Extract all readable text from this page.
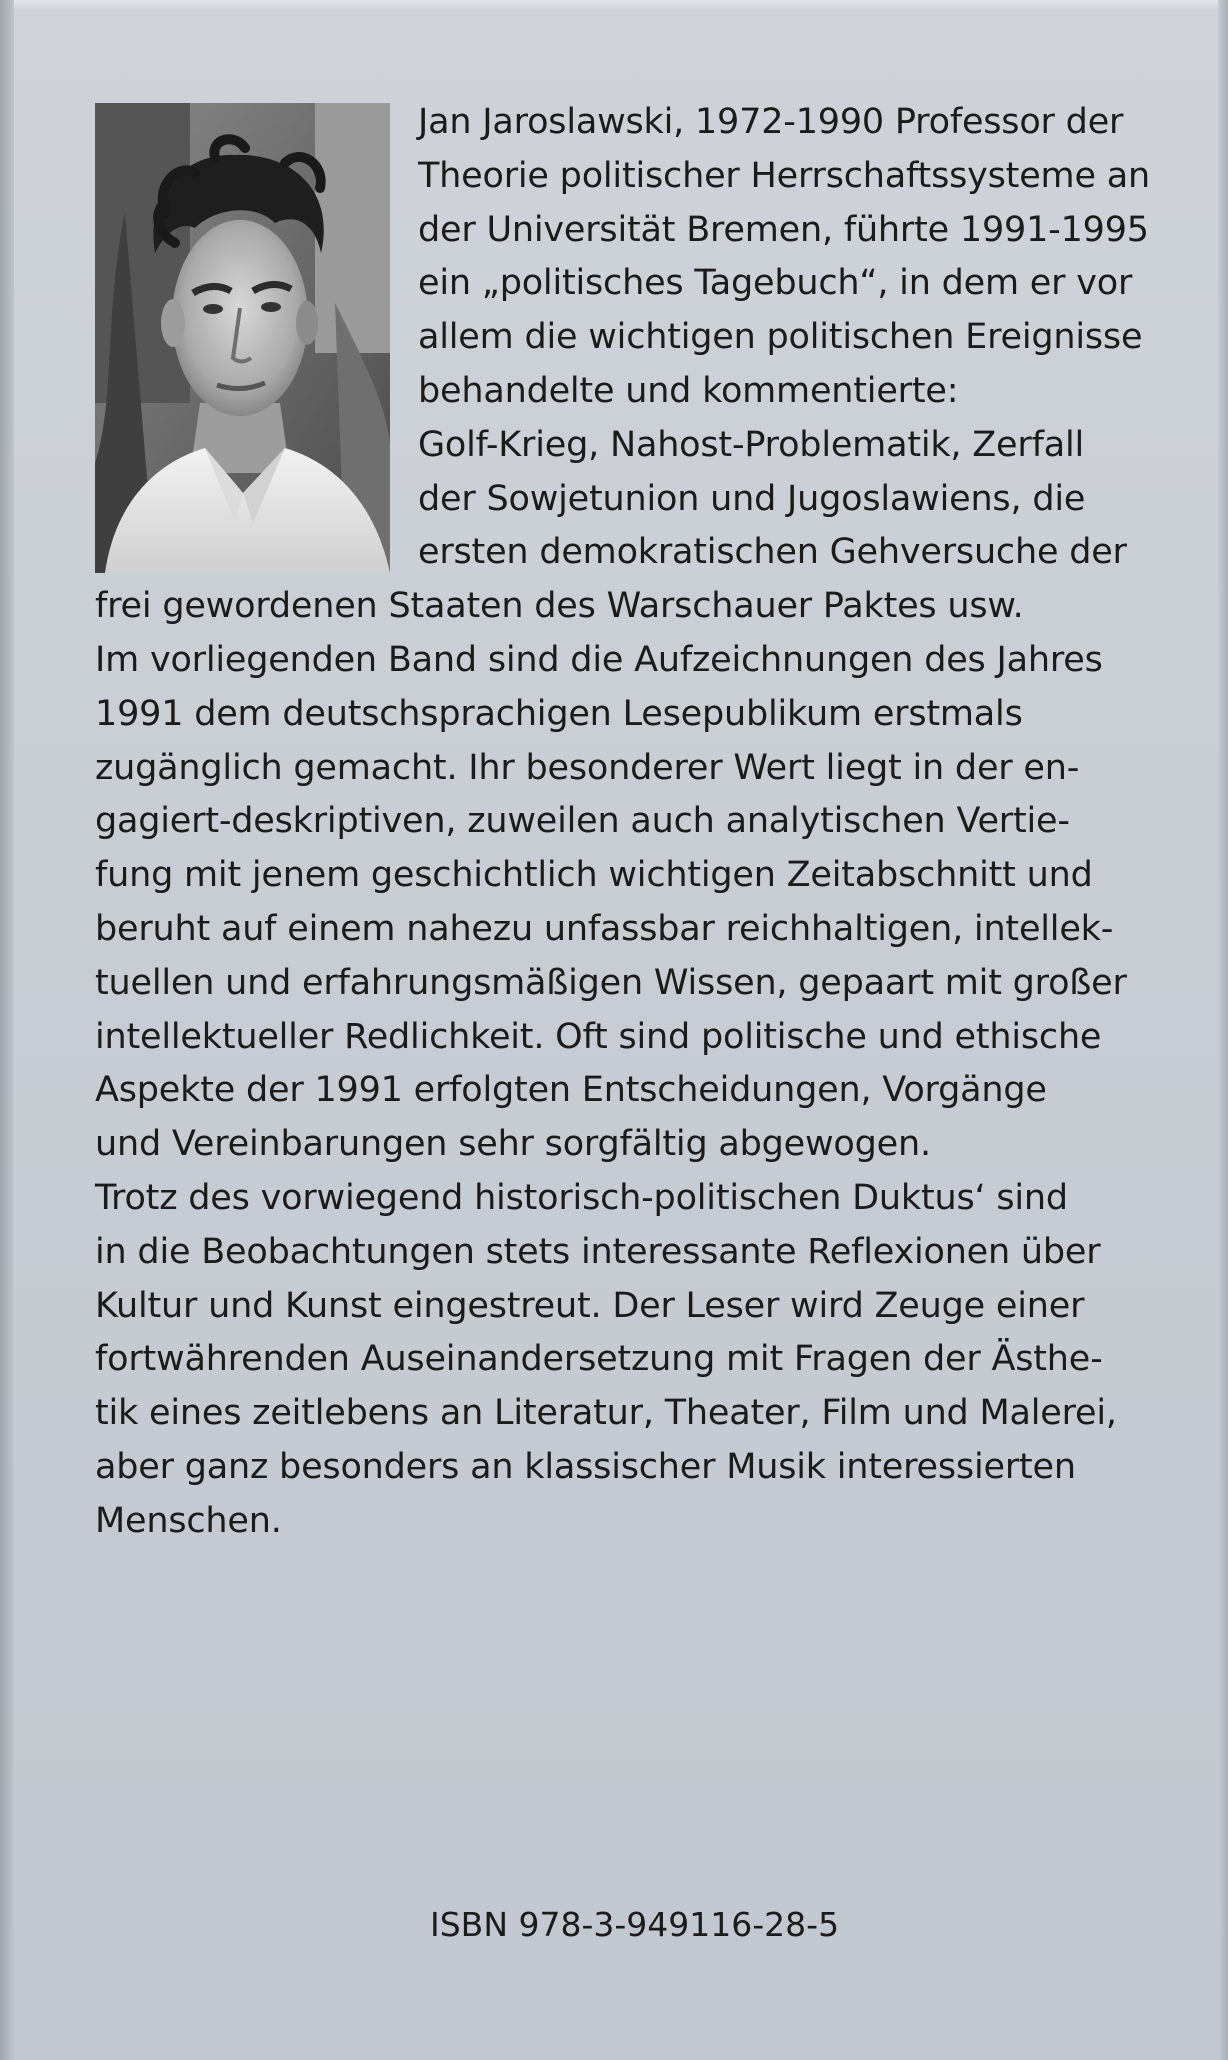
Jan Jaroslawski, 1972-1990 Professor der
Theorie politischer Herrschaftssysteme an
der Universität Bremen, führte 1991-1995
ein „politisches Tagebuch“, in dem er vor
allem die wichtigen politischen Ereignisse
behandelte und kommentierte:
Golf-Krieg, Nahost-Problematik, Zerfall
der Sowjetunion und Jugoslawiens, die
ersten demokratischen Gehversuche der
frei gewordenen Staaten des Warschauer Paktes usw.
Im vorliegenden Band sind die Aufzeichnungen des Jahres
1991 dem deutschsprachigen Lesepublikum erstmals
zugänglich gemacht. Ihr besonderer Wert liegt in der en-
gagiert-deskriptiven, zuweilen auch analytischen Vertie-
fung mit jenem geschichtlich wichtigen Zeitabschnitt und
beruht auf einem nahezu unfassbar reichhaltigen, intellek-
tuellen und erfahrungsmäßigen Wissen, gepaart mit großer
intellektueller Redlichkeit. Oft sind politische und ethische
Aspekte der 1991 erfolgten Entscheidungen, Vorgänge
und Vereinbarungen sehr sorgfältig abgewogen.
Trotz des vorwiegend historisch-politischen Duktus‘ sind
in die Beobachtungen stets interessante Reflexionen über
Kultur und Kunst eingestreut. Der Leser wird Zeuge einer
fortwährenden Auseinandersetzung mit Fragen der Ästhe-
tik eines zeitlebens an Literatur, Theater, Film und Malerei,
aber ganz besonders an klassischer Musik interessierten
Menschen.
ISBN 978-3-949116-28-5
